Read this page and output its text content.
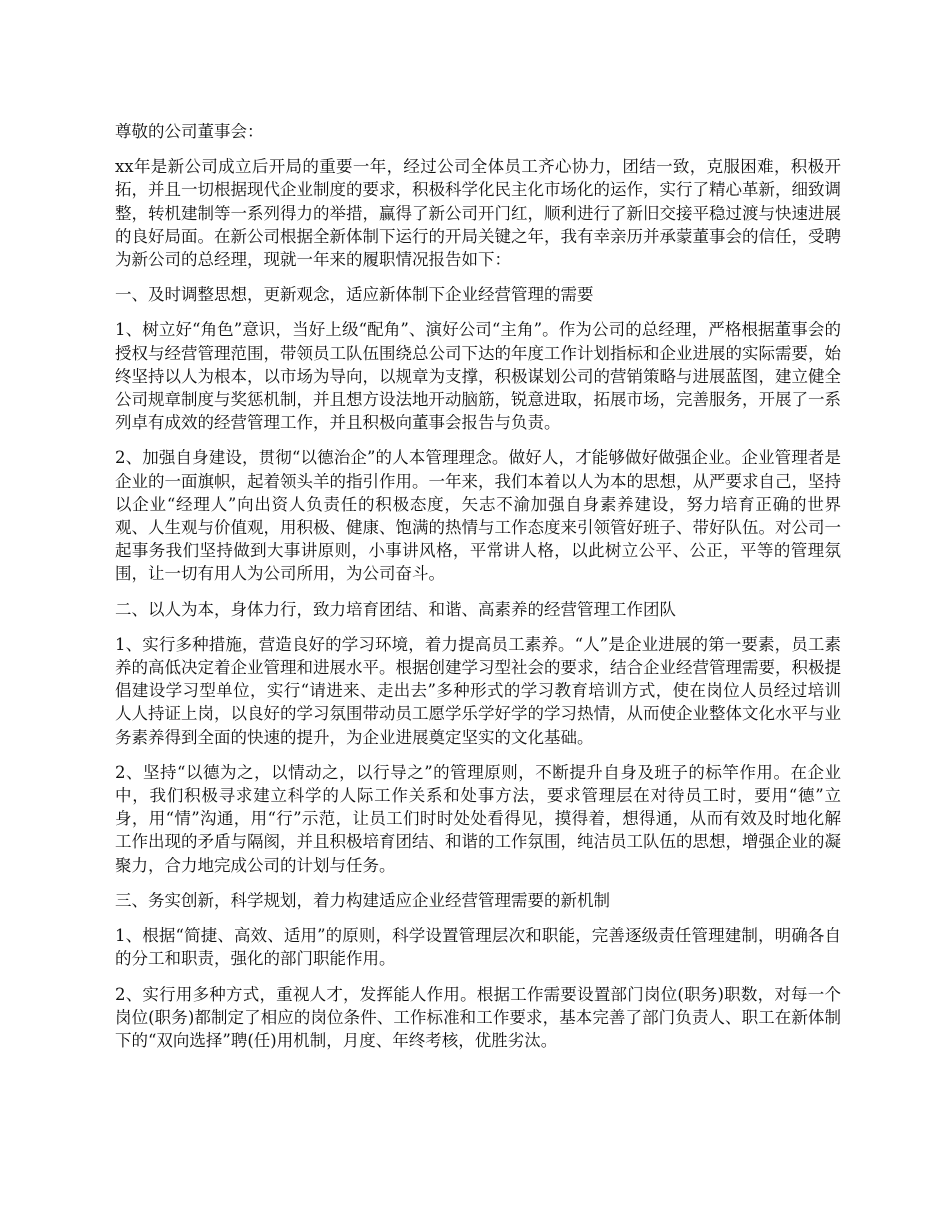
尊敬的公司董事会：

xx年是新公司成立后开局的重要一年，经过公司全体员工齐心协力，团结一致，克服困难，积极开拓，并且一切根据现代企业制度的要求，积极科学化民主化市场化的运作，实行了精心革新，细致调整，转机建制等一系列得力的举措，赢得了新公司开门红，顺利进行了新旧交接平稳过渡与快速进展的良好局面。在新公司根据全新体制下运行的开局关键之年，我有幸亲历并承蒙董事会的信任，受聘为新公司的总经理，现就一年来的履职情况报告如下：

一、及时调整思想，更新观念，适应新体制下企业经营管理的需要

1、树立好“角色”意识，当好上级“配角”、演好公司“主角”。作为公司的总经理，严格根据董事会的授权与经营管理范围，带领员工队伍围绕总公司下达的年度工作计划指标和企业进展的实际需要，始终坚持以人为根本，以市场为导向，以规章为支撑，积极谋划公司的营销策略与进展蓝图，建立健全公司规章制度与奖惩机制，并且想方设法地开动脑筋，锐意进取，拓展市场，完善服务，开展了一系列卓有成效的经营管理工作，并且积极向董事会报告与负责。

2、加强自身建设，贯彻“以德治企”的人本管理理念。做好人，才能够做好做强企业。企业管理者是企业的一面旗帜，起着领头羊的指引作用。一年来，我们本着以人为本的思想，从严要求自己，坚持以企业“经理人”向出资人负责任的积极态度，矢志不渝加强自身素养建设，努力培育正确的世界观、人生观与价值观，用积极、健康、饱满的热情与工作态度来引领管好班子、带好队伍。对公司一起事务我们坚持做到大事讲原则，小事讲风格，平常讲人格，以此树立公平、公正，平等的管理氛围，让一切有用人为公司所用，为公司奋斗。

二、以人为本，身体力行，致力培育团结、和谐、高素养的经营管理工作团队

1、实行多种措施，营造良好的学习环境，着力提高员工素养。“人”是企业进展的第一要素，员工素养的高低决定着企业管理和进展水平。根据创建学习型社会的要求，结合企业经营管理需要，积极提倡建设学习型单位，实行“请进来、走出去”多种形式的学习教育培训方式，使在岗位人员经过培训人人持证上岗，以良好的学习氛围带动员工愿学乐学好学的学习热情，从而使企业整体文化水平与业务素养得到全面的快速的提升，为企业进展奠定坚实的文化基础。

2、坚持“以德为之，以情动之，以行导之”的管理原则，不断提升自身及班子的标竿作用。在企业中，我们积极寻求建立科学的人际工作关系和处事方法，要求管理层在对待员工时，要用“德”立身，用“情”沟通，用“行”示范，让员工们时时处处看得见，摸得着，想得通，从而有效及时地化解工作出现的矛盾与隔阂，并且积极培育团结、和谐的工作氛围，纯洁员工队伍的思想，增强企业的凝聚力，合力地完成公司的计划与任务。

三、务实创新，科学规划，着力构建适应企业经营管理需要的新机制

1、根据“简捷、高效、适用”的原则，科学设置管理层次和职能，完善逐级责任管理建制，明确各自的分工和职责，强化的部门职能作用。

2、实行用多种方式，重视人才，发挥能人作用。根据工作需要设置部门岗位(职务)职数，对每一个岗位(职务)都制定了相应的岗位条件、工作标准和工作要求，基本完善了部门负责人、职工在新体制下的“双向选择”聘(任)用机制，月度、年终考核，优胜劣汰。
